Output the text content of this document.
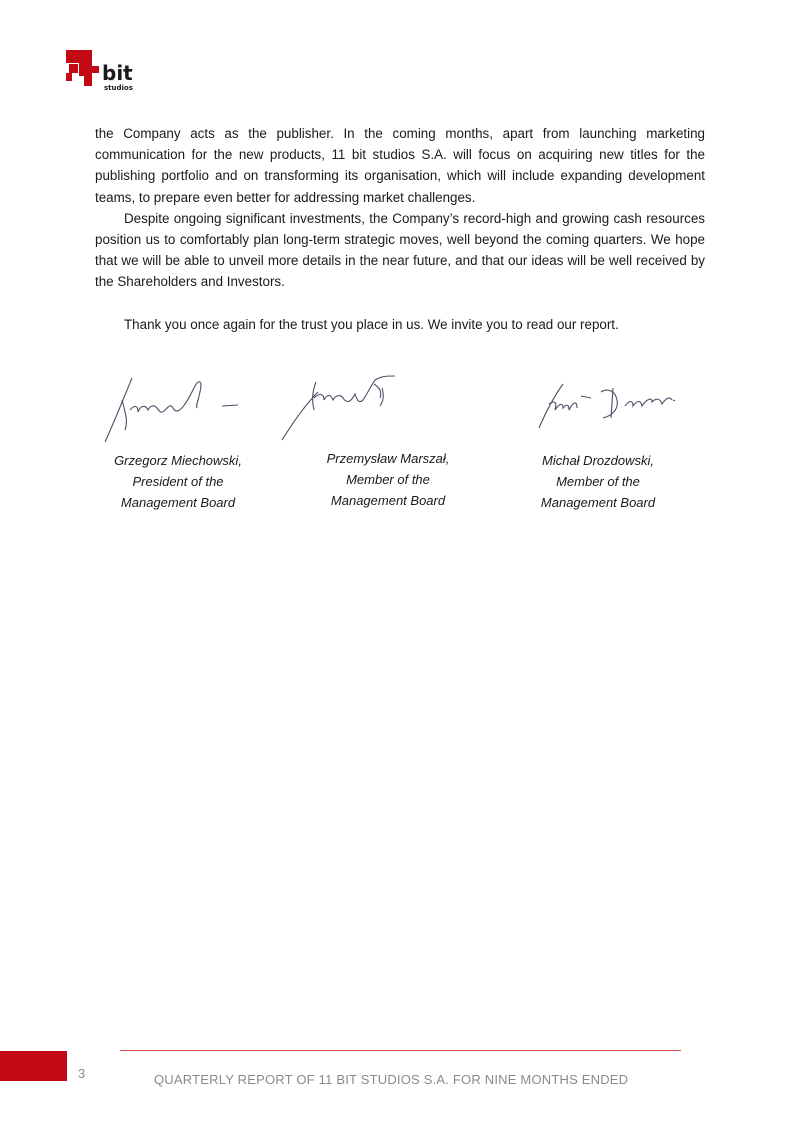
bit
studios

the Company acts as the publisher. In the coming months, apart from launching marketing communication for the new products, 11 bit studios S.A. will focus on acquiring new titles for the publishing portfolio and on transforming its organisation, which will include expanding development teams, to prepare even better for addressing market challenges.

Despite ongoing significant investments, the Company’s record-high and growing cash resources position us to comfortably plan long-term strategic moves, well beyond the coming quarters. We hope that we will be able to unveil more details in the near future, and that our ideas will be well received by the Shareholders and Investors.

Thank you once again for the trust you place in us. We invite you to read our report.

Grzegorz Miechowski,
President of the
Management Board
Przemysław Marszał,
Member of the
Management Board
Michał Drozdowski,
Member of the
Management Board
3	QUARTERLY REPORT OF 11 BIT STUDIOS S.A. FOR NINE MONTHS ENDED
